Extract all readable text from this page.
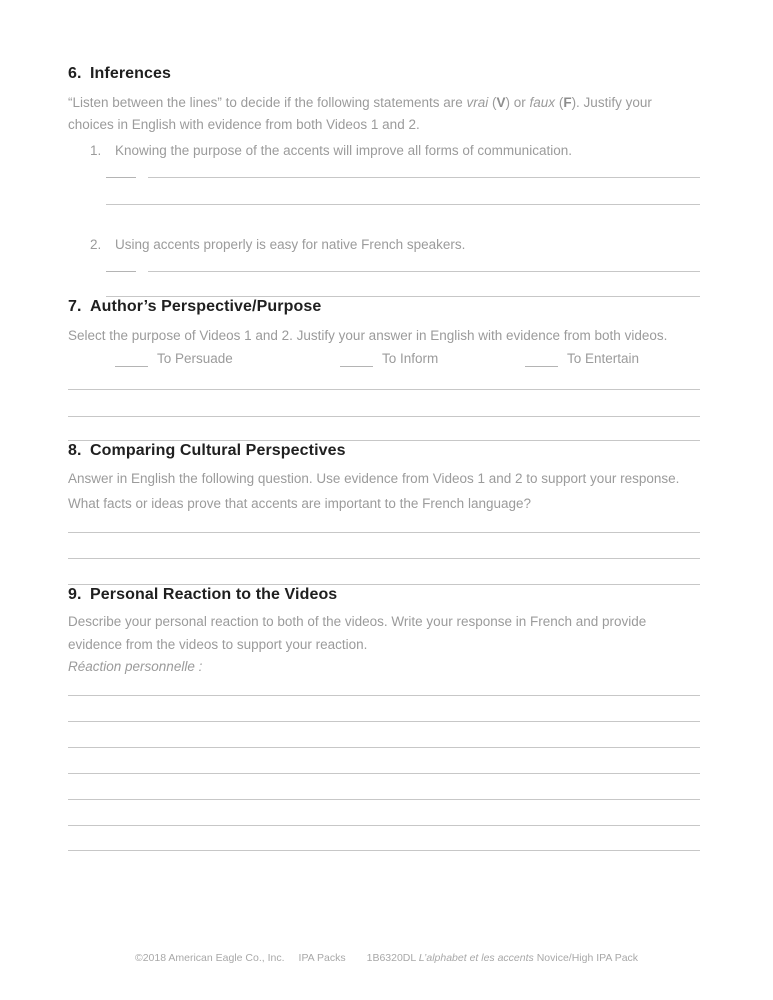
6. Inferences

“Listen between the lines” to decide if the following statements are vrai (V) or faux (F). Justify your choices in English with evidence from both Videos 1 and 2.

1.	Knowing the purpose of the accents will improve all forms of communication.
2.	Using accents properly is easy for native French speakers.
7. Author’s Perspective/Purpose

Select the purpose of Videos 1 and 2. Justify your answer in English with evidence from both videos.

To Persuade	To Inform	To Entertain
8. Comparing Cultural Perspectives

Answer in English the following question. Use evidence from Videos 1 and 2 to support your response.

What facts or ideas prove that accents are important to the French language?

9. Personal Reaction to the Videos

Describe your personal reaction to both of the videos. Write your response in French and provide evidence from the videos to support your reaction.

Réaction personnelle :
©2018 American Eagle Co., Inc. IPA Packs 1B6320DL L’alphabet et les accents Novice/High IPA Pack
